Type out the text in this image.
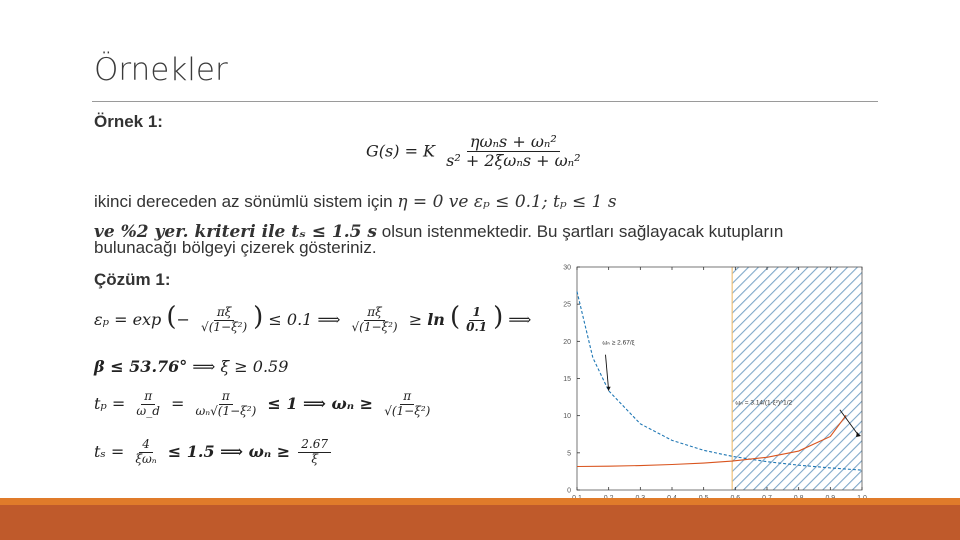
Örnekler
Örnek 1:
G(s) = K ηωₙs + ωₙ²
s² + 2ξωₙs + ωₙ²
ikinci dereceden az sönümlü sistem için η = 0 ve εₚ ≤ 0.1; tₚ ≤ 1 s
ve %2 yer. kriteri ile tₛ ≤ 1.5 s olsun istenmektedir. Bu şartları sağlayacak kutupların
bulunacağı bölgeyi çizerek gösteriniz.
Çözüm 1:
εₚ = exp (− $\frac{\pi\xi}{\text{√(1−ξ²)}}$ ) ≤ 0.1 ⟹ $\frac{\pi\xi}{\text{√(1−ξ²)}} \ge \ln$ ( $\frac{1}{0.1}$ ) ⟹
β ≤ 53.76° ⟹ ξ ≥ 0.59
$t_p = \frac{\pi}{\omega\_d} = \frac{\pi}{\text{ωₙ√(1−ξ²)}} \le 1$ ⟹ $\omega_n \ge \frac{\pi}{\text{√(1−ξ²)}}$
tₛ = 4
ξωₙ ≤ 1.5 ⟹ $\omega_n \ge \frac{2.67}{\xi}$
0
5
10
15
20
25
30
ωₙ ≥ 2.67/ξ
ωₙ = 3.14/(1-ξ²)^1/2
